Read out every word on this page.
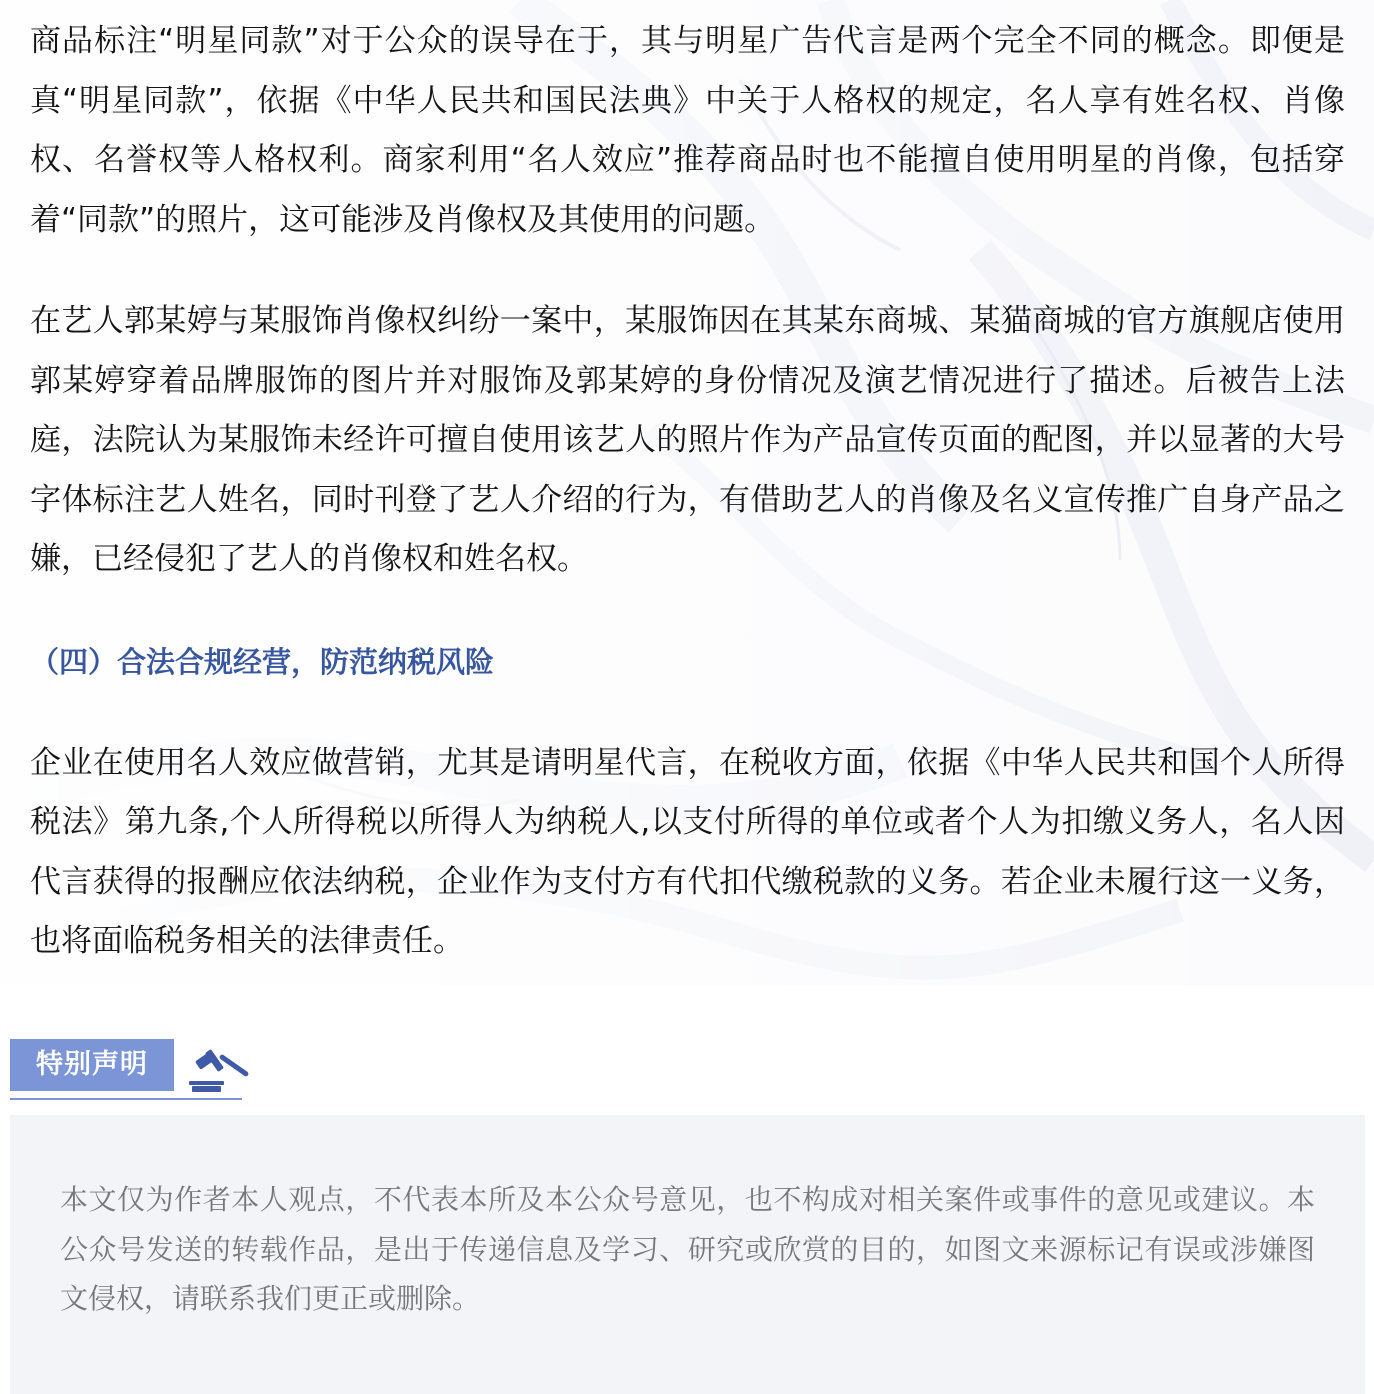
商品标注“明星同款”对于公众的误导在于，其与明星广告代言是两个完全不同的概念。即便是真“明星同款”，依据《中华人民共和国民法典》中关于人格权的规定，名人享有姓名权、肖像权、名誉权等人格权利。商家利用“名人效应”推荐商品时也不能擅自使用明星的肖像，包括穿着“同款”的照片，这可能涉及肖像权及其使用的问题。

在艺人郭某婷与某服饰肖像权纠纷一案中，某服饰因在其某东商城、某猫商城的官方旗舰店使用郭某婷穿着品牌服饰的图片并对服饰及郭某婷的身份情况及演艺情况进行了描述。后被告上法庭，法院认为某服饰未经许可擅自使用该艺人的照片作为产品宣传页面的配图，并以显著的大号字体标注艺人姓名，同时刊登了艺人介绍的行为，有借助艺人的肖像及名义宣传推广自身产品之嫌，已经侵犯了艺人的肖像权和姓名权。

（四）合法合规经营，防范纳税风险

企业在使用名人效应做营销，尤其是请明星代言，在税收方面，依据《中华人民共和国个人所得税法》第九条,个人所得税以所得人为纳税人,以支付所得的单位或者个人为扣缴义务人，名人因代言获得的报酬应依法纳税，企业作为支付方有代扣代缴税款的义务。若企业未履行这一义务，也将面临税务相关的法律责任。

特别声明

本文仅为作者本人观点，不代表本所及本公众号意见，也不构成对相关案件或事件的意见或建议。本公众号发送的转载作品，是出于传递信息及学习、研究或欣赏的目的，如图文来源标记有误或涉嫌图文侵权，请联系我们更正或删除。
